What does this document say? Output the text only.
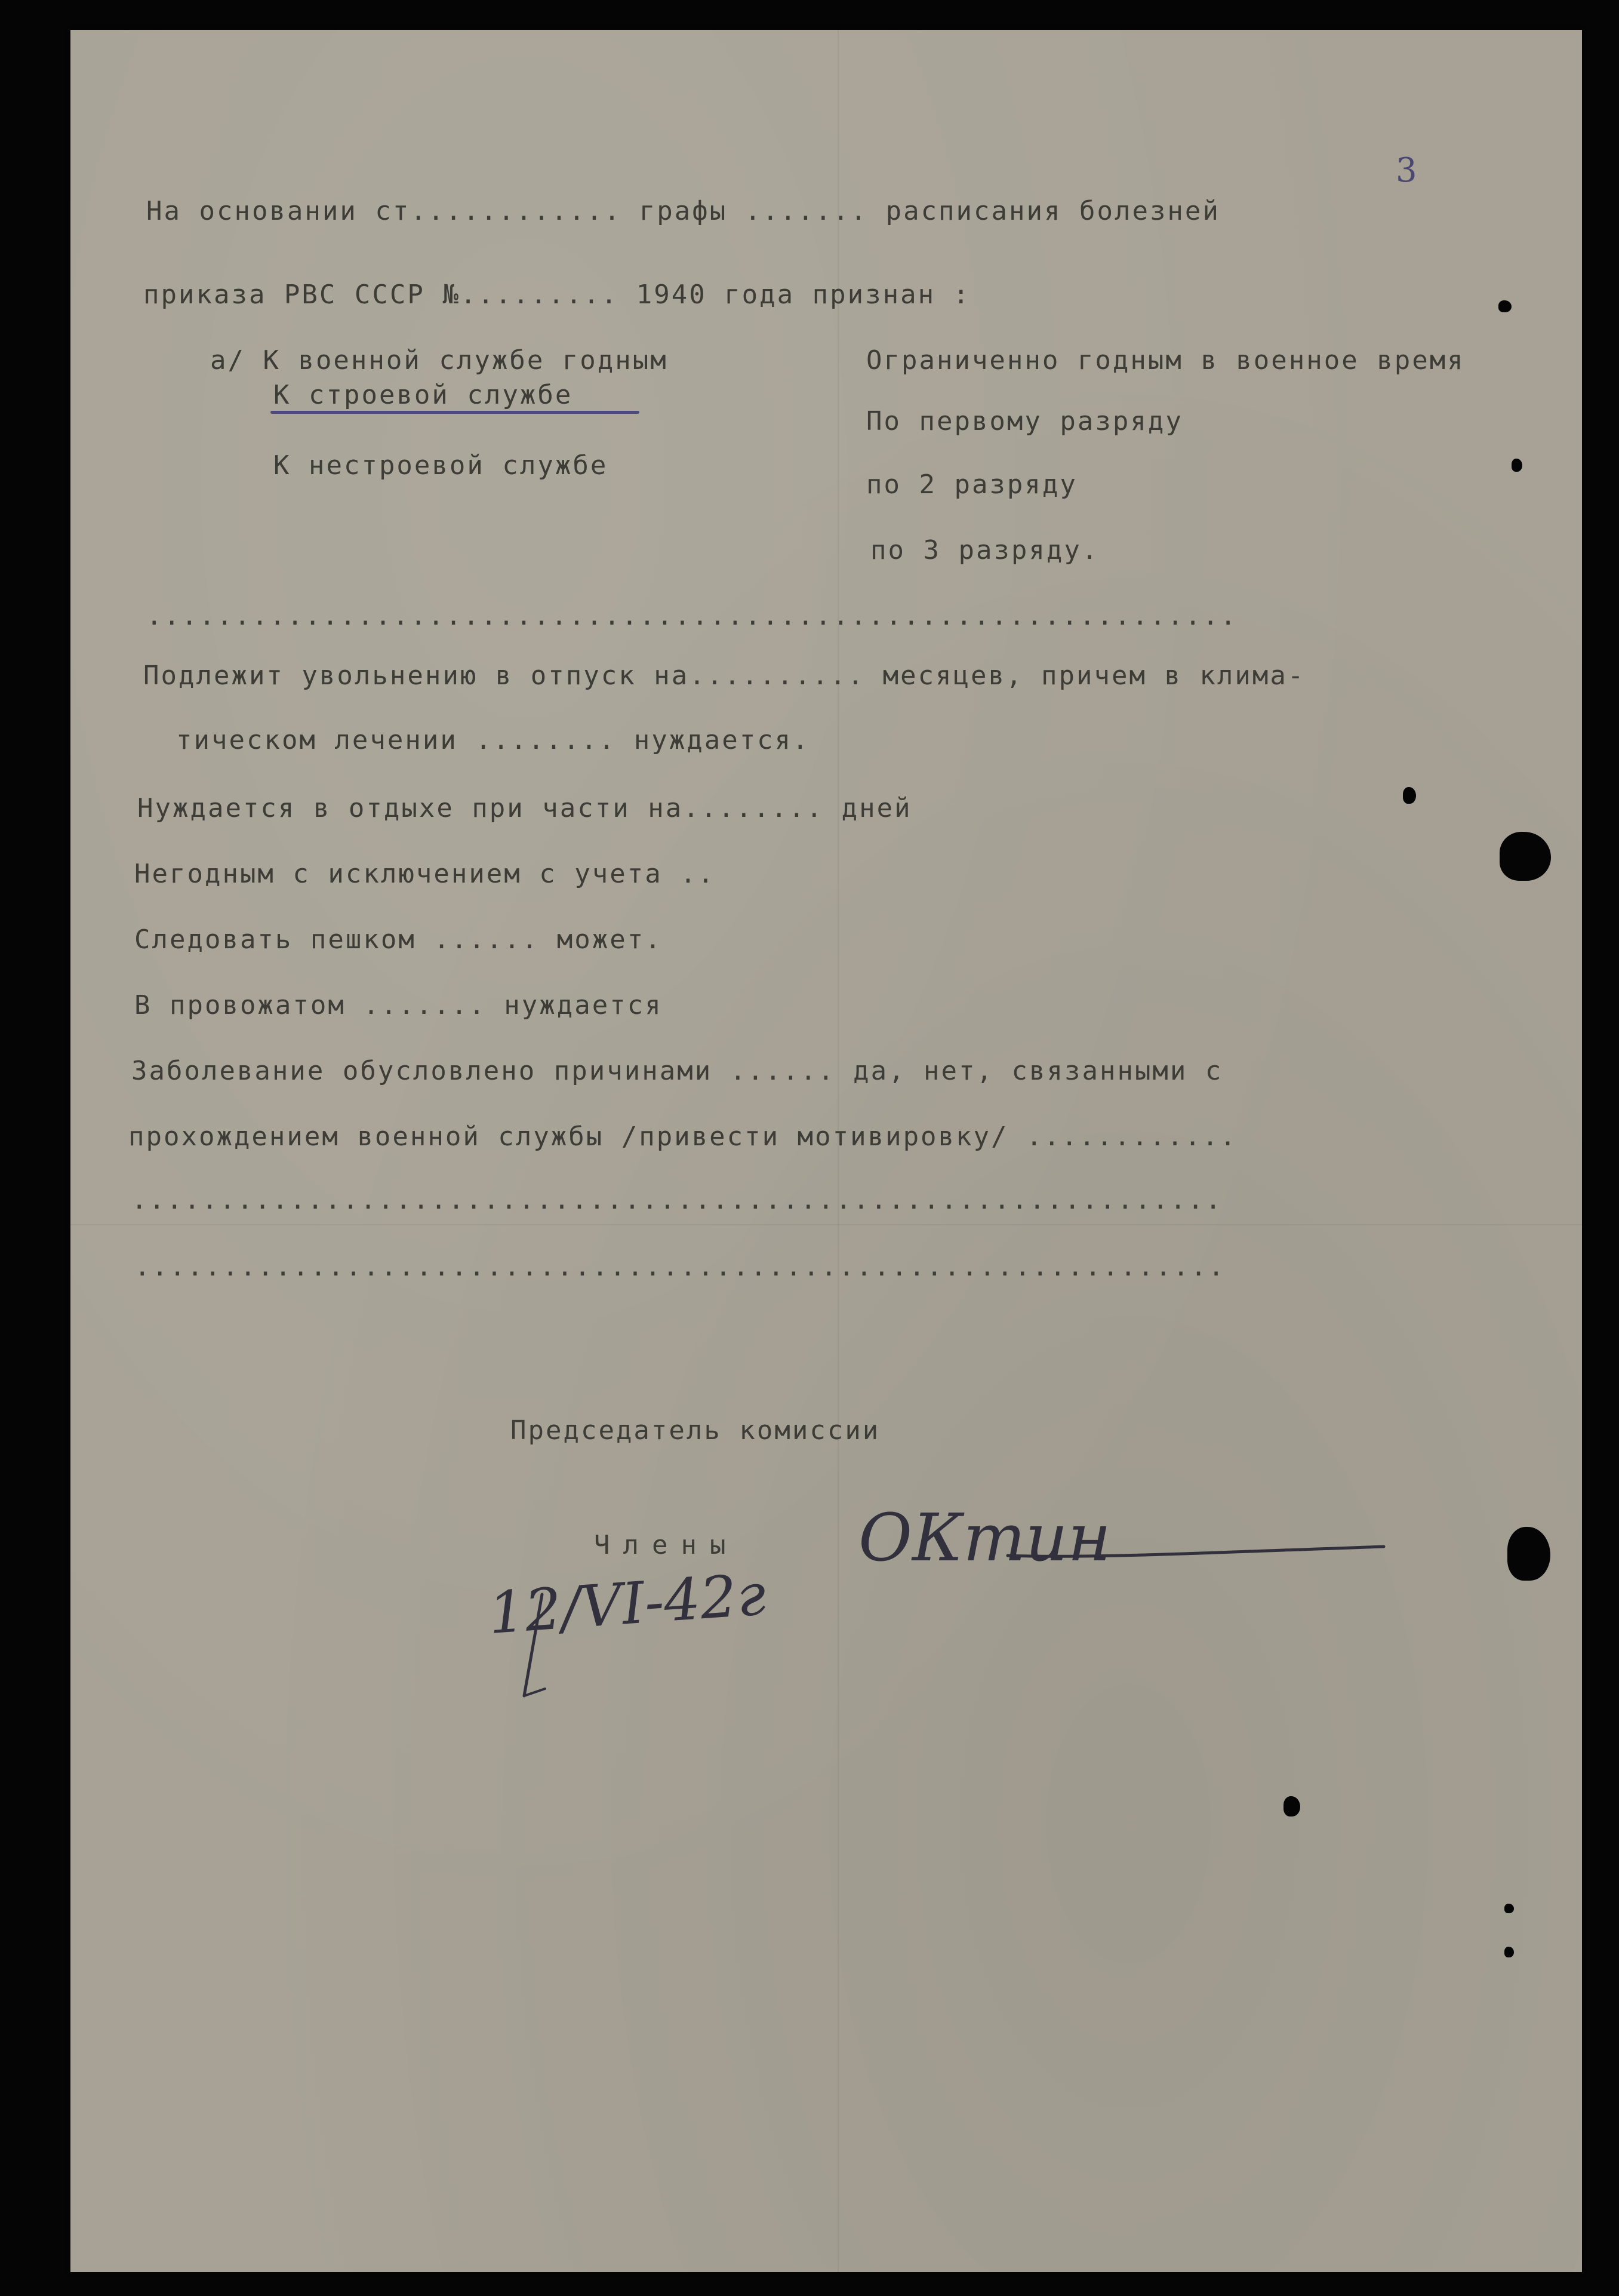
3
На основании ст............ графы ....... расписания болезней
приказа РВС СССР №......... 1940 года признан :
а/ К военной службе годным
К строевой службе
К нестроевой службе
Ограниченно годным в военное время
По первому разряду
по 2 разряду
по 3 разряду.
..............................................................
Подлежит увольнению в отпуск на.......... месяцев, причем в клима-
тическом лечении ........ нуждается.
Нуждается в отдыхе при части на........ дней
Негодным с исключением с учета ..
Следовать пешком ...... может.
В провожатом ....... нуждается
Заболевание обусловлено причинами ...... да, нет, связанными с
прохождением военной службы /привести мотивировку/ ............
..............................................................
..............................................................
Председатель комиссии
Члены ОКтин
12/VI-42г
